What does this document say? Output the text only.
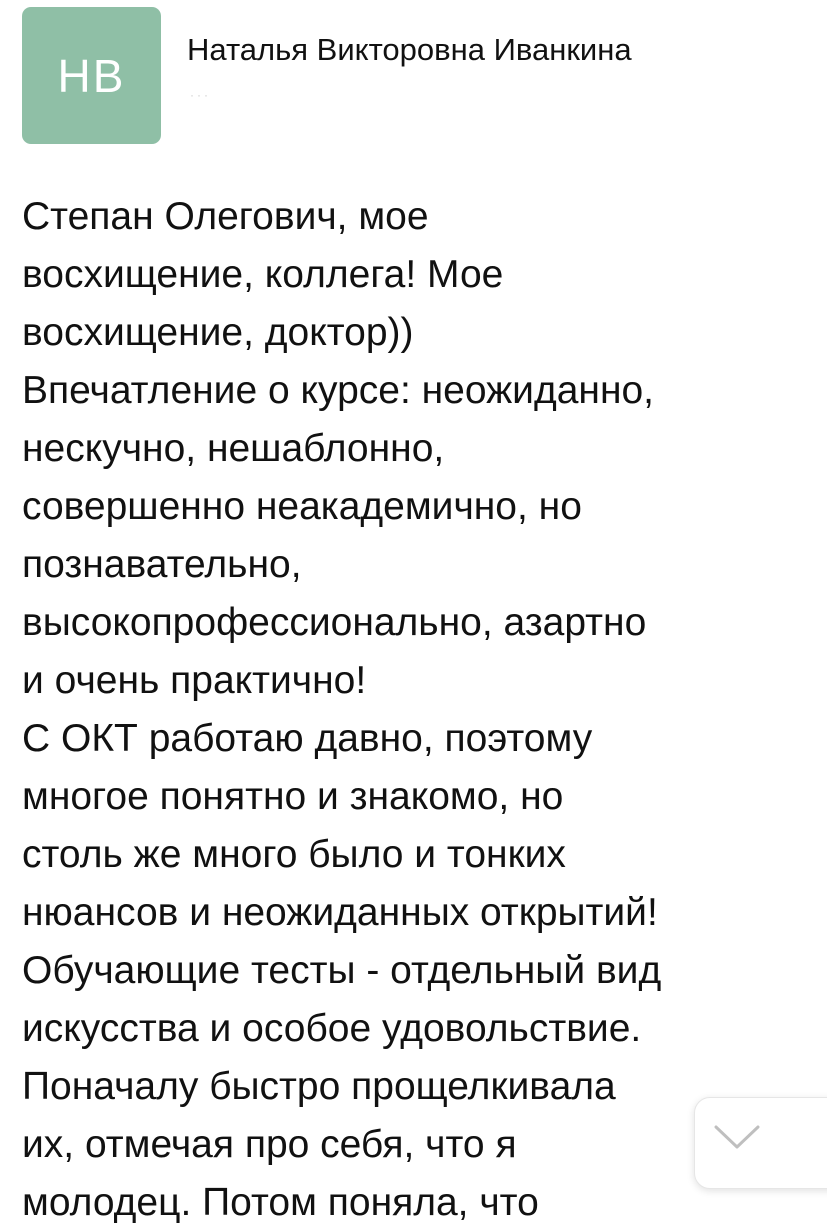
НВ Наталья Викторовна Иванкина
···
Степан Олегович, мое
восхищение, коллега! Мое
восхищение, доктор))
Впечатление о курсе: неожиданно,
нескучно, нешаблонно,
совершенно неакадемично, но
познавательно,
высокопрофессионально, азартно
и очень практично!
С ОКТ работаю давно, поэтому
многое понятно и знакомо, но
столь же много было и тонких
нюансов и неожиданных открытий!
Обучающие тесты - отдельный вид
искусства и особое удовольствие.
Поначалу быстро прощелкивала
их, отмечая про себя, что я
молодец. Потом поняла, что
